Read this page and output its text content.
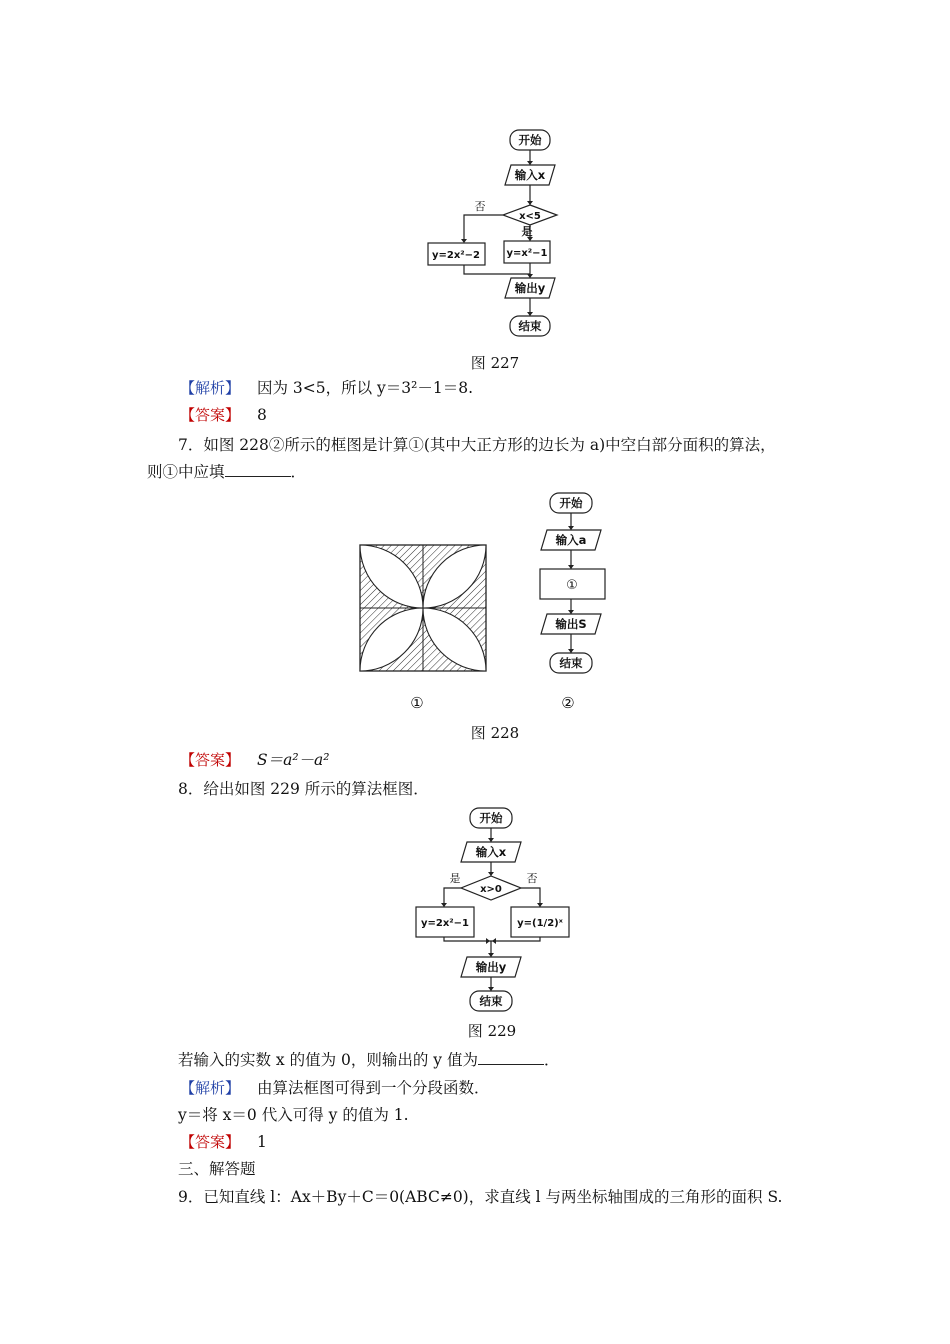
开始
输入x
x<5
是
否
y=x²−1
y=2x²−2
输出y
结束
图 227
【解析】 因为 3<5，所以 y＝3²－1＝8.
【答案】 8
7．如图 228②所示的框图是计算①(其中大正方形的边长为 a)中空白部分面积的算法，
则①中应填	．
开始
输入a
①
输出S
结束
①	②
图 228
【答案】 S＝a²－a²
8．给出如图 229 所示的算法框图．
开始
输入x
x>0
是	否
y=2x²−1	y=(1/2)ˣ
输出y
结束
图 229
若输入的实数 x 的值为 0，则输出的 y 值为	．
【解析】 由算法框图可得到一个分段函数．
y＝将 x＝0 代入可得 y 的值为 1.
【答案】 1
三、解答题
9．已知直线 l：Ax＋By＋C＝0(ABC≠0)，求直线 l 与两坐标轴围成的三角形的面积 S.
